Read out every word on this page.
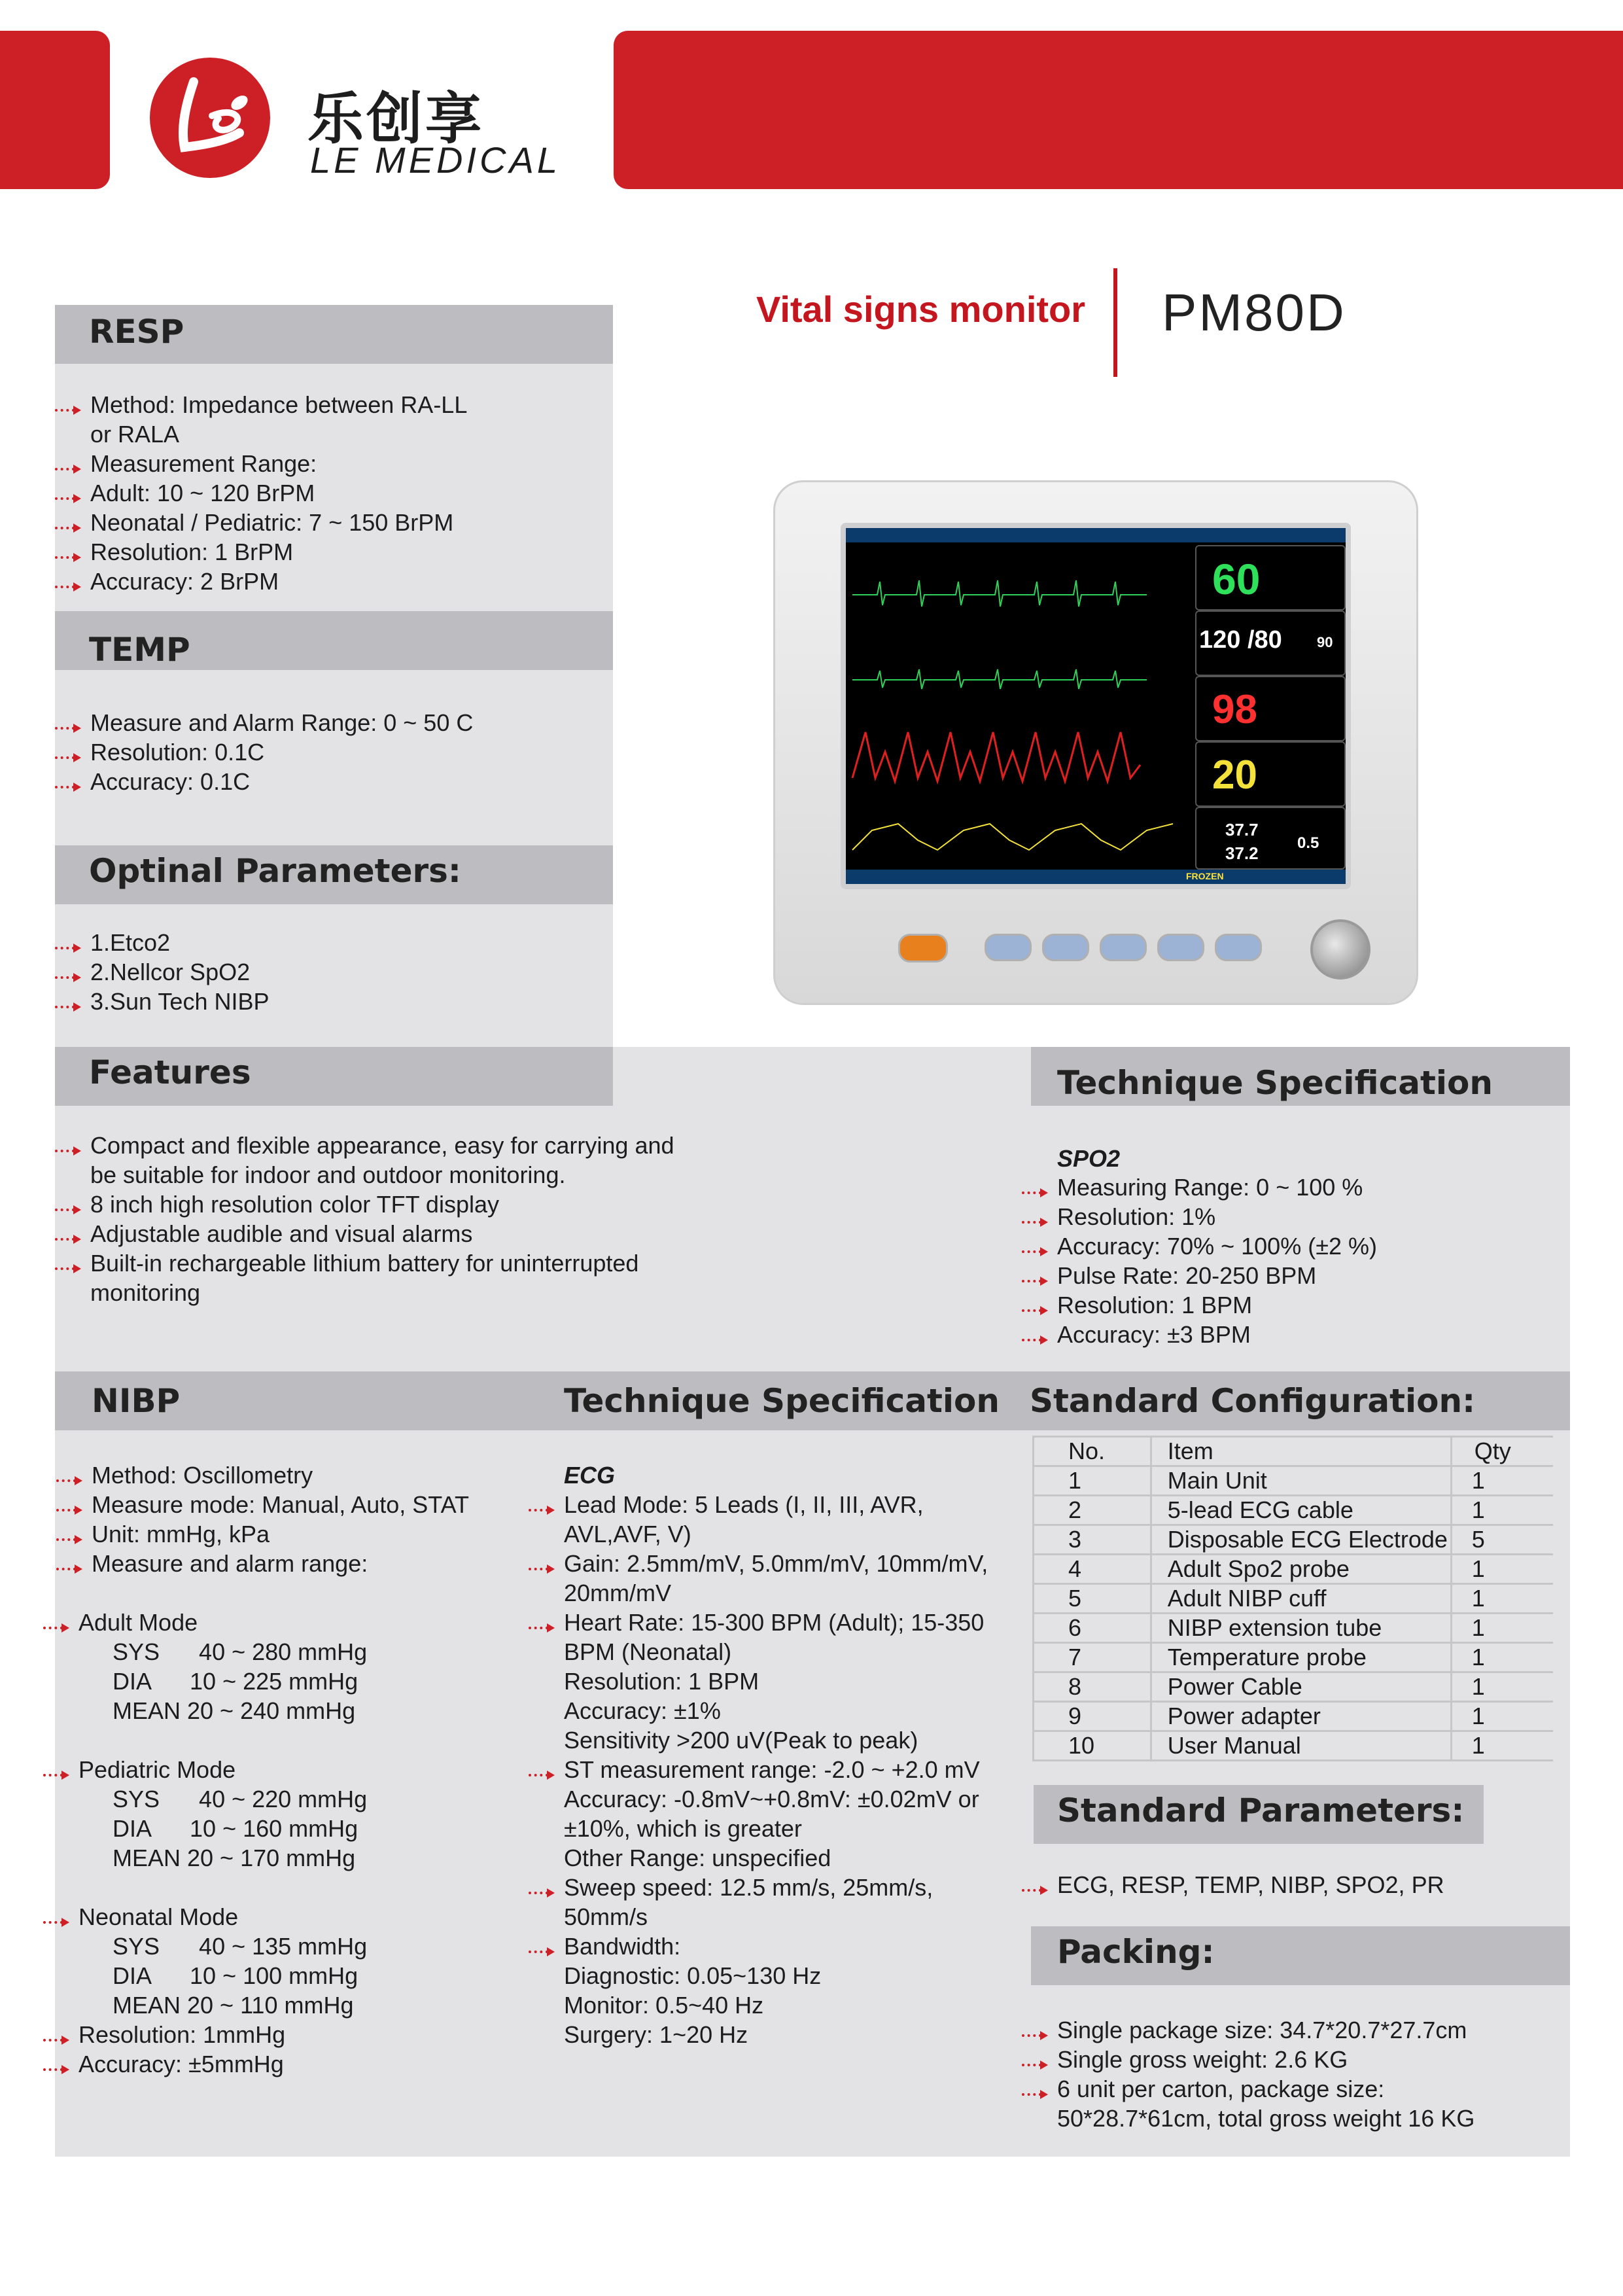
乐创享
LE MEDICAL
Vital signs monitor PM80D
FROZEN
60
120 /80 90
98
20
37.7
37.2
0.5
RESP
Method: Impedance between RA-LL
or RALA
Measurement Range:
Adult: 10 ~ 120 BrPM
Neonatal / Pediatric: 7 ~ 150 BrPM
Resolution: 1 BrPM
Accuracy: 2 BrPM
TEMP
Measure and Alarm Range: 0 ~ 50 C
Resolution: 0.1C
Accuracy: 0.1C
Optinal Parameters:
1.Etco2
2.Nellcor SpO2
3.Sun Tech NIBP
Features
Compact and flexible appearance, easy for carrying and
be suitable for indoor and outdoor monitoring.
8 inch high resolution color TFT display
Adjustable audible and visual alarms
Built-in rechargeable lithium battery for uninterrupted
monitoring
Technique Specification
SPO2
Measuring Range: 0 ~ 100 %
Resolution: 1%
Accuracy: 70% ~ 100% (±2 %)
Pulse Rate: 20-250 BPM
Resolution: 1 BPM
Accuracy: ±3 BPM
NIBP
Method: Oscillometry
Measure mode: Manual, Auto, STAT
Unit: mmHg, kPa
Measure and alarm range:
Adult Mode
SYS      40 ~ 280 mmHg
DIA      10 ~ 225 mmHg
MEAN 20 ~ 240 mmHg
Pediatric Mode
SYS      40 ~ 220 mmHg
DIA      10 ~ 160 mmHg
MEAN 20 ~ 170 mmHg
Neonatal Mode
SYS      40 ~ 135 mmHg
DIA      10 ~ 100 mmHg
MEAN 20 ~ 110 mmHg
Resolution: 1mmHg
Accuracy: ±5mmHg
Technique Specification
ECG
Lead Mode: 5 Leads (I, II, III, AVR,
AVL,AVF, V)
Gain: 2.5mm/mV, 5.0mm/mV, 10mm/mV,
20mm/mV
Heart Rate: 15-300 BPM (Adult); 15-350
BPM (Neonatal)
Resolution: 1 BPM
Accuracy: ±1%
Sensitivity >200 uV(Peak to peak)
ST measurement range: -2.0 ~ +2.0 mV
Accuracy: -0.8mV~+0.8mV: ±0.02mV or
±10%, which is greater
Other Range: unspecified
Sweep speed: 12.5 mm/s, 25mm/s,
50mm/s
Bandwidth:
Diagnostic: 0.05~130 Hz
Monitor: 0.5~40 Hz
Surgery: 1~20 Hz
Standard Configuration:
No.	Item	Qty
1	Main Unit	1
2	5-lead ECG cable	1
3	Disposable ECG Electrode	5
4	Adult Spo2 probe	1
5	Adult NIBP cuff	1
6	NIBP extension tube	1
7	Temperature probe	1
8	Power Cable	1
9	Power adapter	1
10	User Manual	1
Standard Parameters:
ECG, RESP, TEMP, NIBP, SPO2, PR
Packing:
Single package size: 34.7*20.7*27.7cm
Single gross weight: 2.6 KG
6 unit per carton, package size:
50*28.7*61cm, total gross weight 16 KG
